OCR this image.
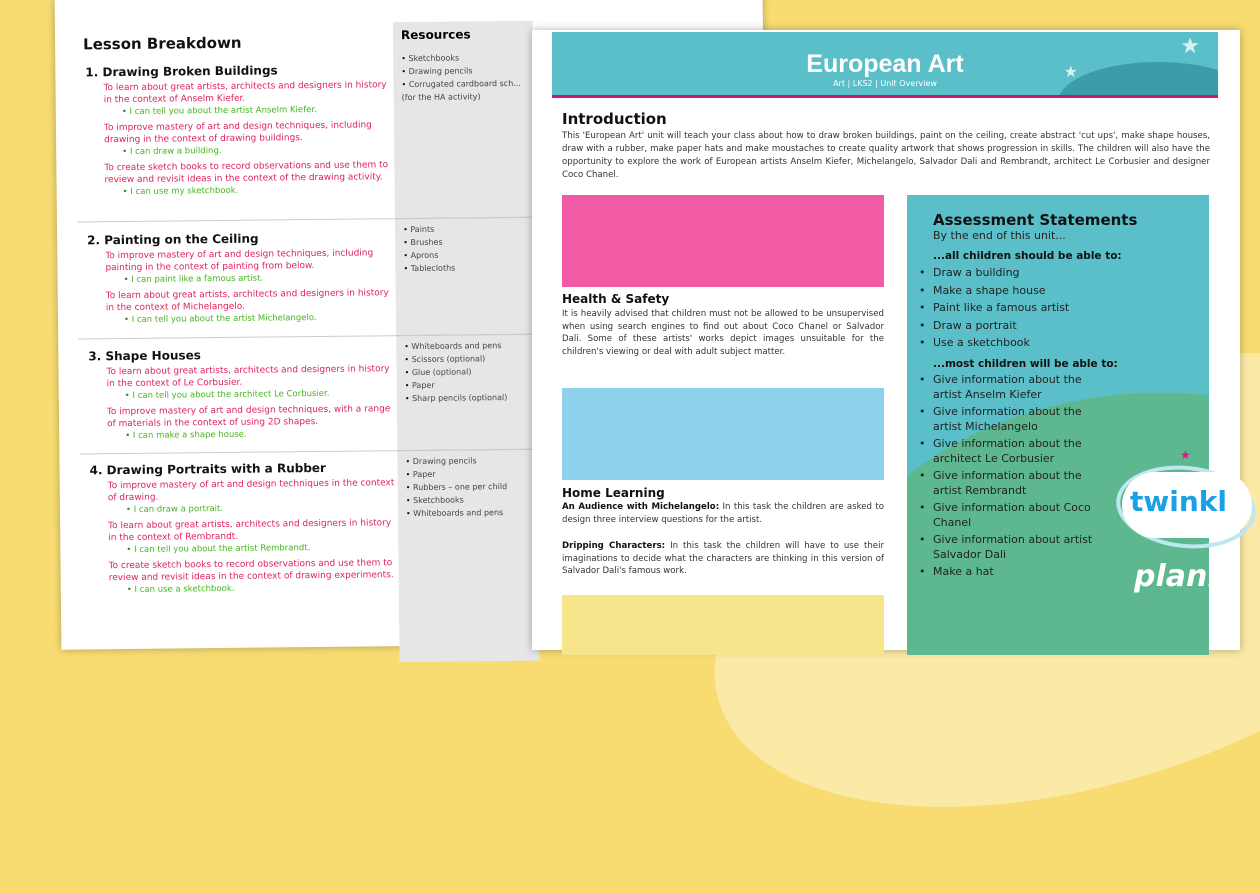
Lesson Breakdown	Resources
• Sketchbooks
• Drawing pencils
• Corrugated cardboard sch... (for the HA activity)
• Paints
• Brushes
• Aprons
• Tablecloths
• Whiteboards and pens
• Scissors (optional)
• Glue (optional)
• Paper
• Sharp pencils (optional)
• Drawing pencils
• Paper
• Rubbers – one per child
• Sketchbooks
• Whiteboards and pens
1. Drawing Broken Buildings
To learn about great artists, architects and designers in history in the context of Anselm Kiefer.
• I can tell you about the artist Anselm Kiefer.
To improve mastery of art and design techniques, including drawing in the context of drawing buildings.
• I can draw a building.
To create sketch books to record observations and use them to review and revisit ideas in the context of the drawing activity.
• I can use my sketchbook.
2. Painting on the Ceiling
To improve mastery of art and design techniques, including painting in the context of painting from below.
• I can paint like a famous artist.
To learn about great artists, architects and designers in history in the context of Michelangelo.
• I can tell you about the artist Michelangelo.
3. Shape Houses
To learn about great artists, architects and designers in history in the context of Le Corbusier.
• I can tell you about the architect Le Corbusier.
To improve mastery of art and design techniques, with a range of materials in the context of using 2D shapes.
• I can make a shape house.
4. Drawing Portraits with a Rubber
To improve mastery of art and design techniques in the context of drawing.
• I can draw a portrait.
To learn about great artists, architects and designers in history in the context of Rembrandt.
• I can tell you about the artist Rembrandt.
To create sketch books to record observations and use them to review and revisit ideas in the context of drawing experiments.
• I can use a sketchbook.
★
★
European Art
Art | LKS2 | Unit Overview
Introduction
This 'European Art' unit will teach your class about how to draw broken buildings, paint on the ceiling, create abstract 'cut ups', make shape houses, draw with a rubber, make paper hats and make moustaches to create quality artwork that shows progression in skills. The children will also have the opportunity to explore the work of European artists Anselm Kiefer, Michelangelo, Salvador Dali and Rembrandt, architect Le Corbusier and designer Coco Chanel.
Health & Safety
It is heavily advised that children must not be allowed to be unsupervised when using search engines to find out about Coco Chanel or Salvador Dali. Some of these artists' works depict images unsuitable for the children's viewing or deal with adult subject matter.
Home Learning
An Audience with Michelangelo: In this task the children are asked to design three interview questions for the artist.
Dripping Characters: In this task the children will have to use their imaginations to decide what the characters are thinking in this version of Salvador Dali's famous work.
Assessment Statements
By the end of this unit...
...all children should be able to:
• Draw a building
• Make a shape house
• Paint like a famous artist
• Draw a portrait
• Use a sketchbook
...most children will be able to:
• Give information about the artist Anselm Kiefer
• Give information about the artist Michelangelo
• Give information about the architect Le Corbusier
• Give information about the artist Rembrandt
• Give information about Coco Chanel
• Give information about artist Salvador Dali
• Make a hat
twinkl
★
planit
